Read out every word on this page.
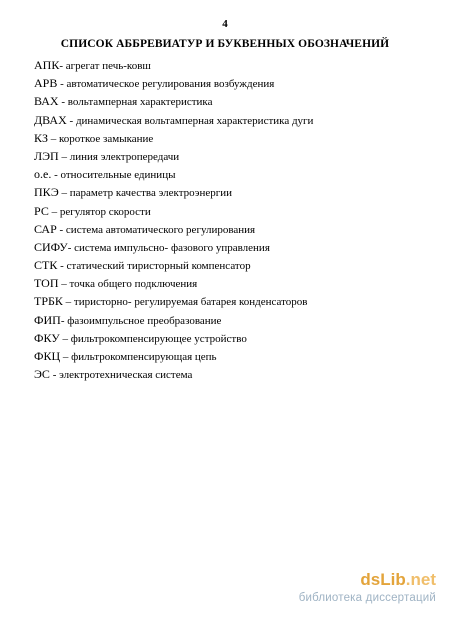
4
СПИСОК АББРЕВИАТУР И БУКВЕННЫХ ОБОЗНАЧЕНИЙ
АПК- агрегат печь-ковш
АРВ - автоматическое регулирования возбуждения
ВАХ - вольтамперная характеристика
ДВАХ - динамическая вольтамперная характеристика дуги
КЗ – короткое замыкание
ЛЭП – линия электропередачи
о.е. - относительные единицы
ПКЭ – параметр качества электроэнергии
РС – регулятор скорости
САР - система автоматического регулирования
СИФУ- система импульсно- фазового управления
СТК - статический тиристорный компенсатор
ТОП – точка общего подключения
ТРБК – тиристорно- регулируемая батарея конденсаторов
ФИП- фазоимпульсное преобразование
ФКУ – фильтрокомпенсирующее устройство
ФКЦ – фильтрокомпенсирующая цепь
ЭС - электротехническая система
dsLib.net
библиотека диссертаций
